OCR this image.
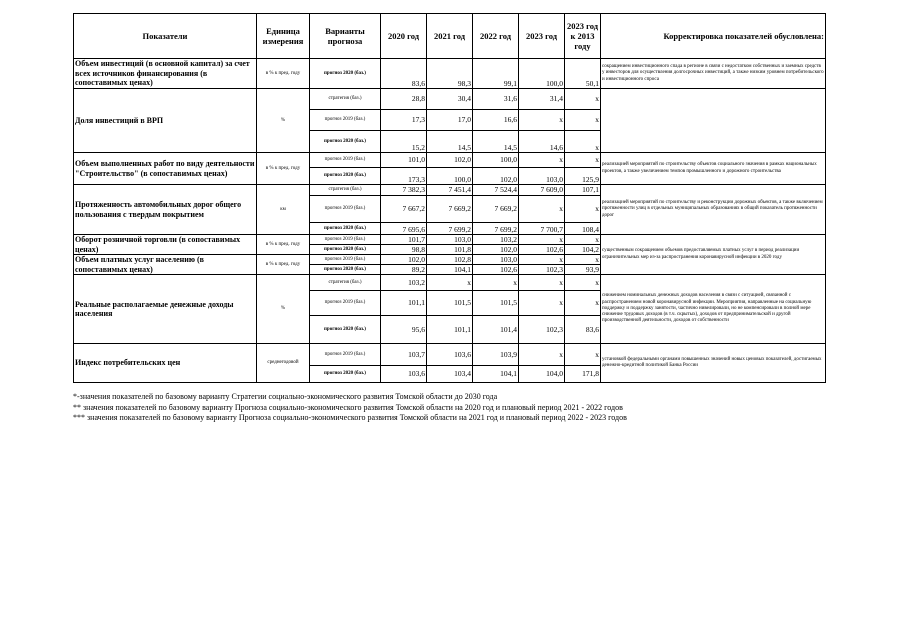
Показатели	Единица измерения	Варианты прогноза	2020 год	2021 год	2022 год	2023 год	2023 год к 2013 году	Корректировка показателей обусловлена:
Объем инвестиций (в основной капитал) за счет всех источников финансирования (в сопоставимых ценах)	в % к пред. году	прогноз 2020 (баз.)	83,6	98,3	99,1	100,0	50,1	сокращением инвестиционного спада в регионе в связи с недостатком собственных и заемных средств у инвесторов для осуществления долгосрочных инвестиций, а также низким уровнем потребительского и инвестиционного спроса
Доля инвестиций в ВРП	%	стратегия (баз.)	28,8	30,4	31,6	31,4	х	
		прогноз 2019 (баз.)	17,3	17,0	16,6	х	х	
		прогноз 2020 (баз.)	15,2	14,5	14,5	14,6	х	
Объем выполненных работ по виду деятельности "Строительство" (в сопоставимых ценах)	в % к пред. году	прогноз 2019 (баз.)	101,0	102,0	100,0	х	х	реализацией мероприятий по строительству объектов социального значения в рамках национальных проектов, а также увеличением темпов промышленного и дорожного строительства
		прогноз 2020 (баз.)	173,3	100,0	102,0	103,0	125,9	
Протяженность автомобильных дорог общего пользования с твердым покрытием	км	стратегия (баз.)	7 382,3	7 451,4	7 524,4	7 609,0	107,1	реализацией мероприятий по строительству и реконструкции дорожных объектов, а также включением протяженности улиц в отдельных муниципальных образованиях в общий показатель протяженности дорог
		прогноз 2019 (баз.)	7 667,2	7 669,2	7 669,2	х	х	
		прогноз 2020 (баз.)	7 695,6	7 699,2	7 699,2	7 700,7	108,4	
Оборот розничной торговли (в сопоставимых ценах)	в % к пред. году	прогноз 2019 (баз.)	101,7	103,0	103,2	х	х	существенным сокращением объемов предоставляемых платных услуг в период реализации ограничительных мер из-за распространения коронавирусной инфекции в 2020 году
		прогноз 2020 (баз.)	98,8	101,8	102,0	102,6	104,2	
Объем платных услуг населению (в сопоставимых ценах)	в % к пред. году	прогноз 2019 (баз.)	102,0	102,8	103,0	х	х	
		прогноз 2020 (баз.)	89,2	104,1	102,6	102,3	93,9	
Реальные располагаемые денежные доходы населения	%	стратегия (баз.)	103,2	х	х	х	х	снижением номинальных денежных доходов населения в связи с ситуацией, связанной с распространением новой коронавирусной инфекции. Мероприятия, направленные на социальную поддержку и поддержку занятости, частично нивелировали, но не компенсировали в полной мере снижение трудовых доходов (в т.ч. скрытых), доходов от предпринимательской и другой производственной деятельности, доходов от собственности
		прогноз 2019 (баз.)	101,1	101,5	101,5	х	х	
		прогноз 2020 (баз.)	95,6	101,1	101,4	102,3	83,6	
Индекс потребительских цен	среднегодовой	прогноз 2019 (баз.)	103,7	103,6	103,9	х	х	установкой федеральными органами повышенных значений новых ценовых показателей, достигаемых денежно-кредитной политикой Банка России
		прогноз 2020 (баз.)	103,6	103,4	104,1	104,0	171,8	
*-значения показателей по базовому варианту Стратегии социально-экономического развития Томской области до 2030 года
** значения показателей по базовому варианту Прогноза социально-экономического развития Томской области на 2020 год и плановый период 2021 - 2022 годов
*** значения показателей по базовому варианту Прогноза социально-экономического развития Томской области на 2021 год и плановый период 2022 - 2023 годов
